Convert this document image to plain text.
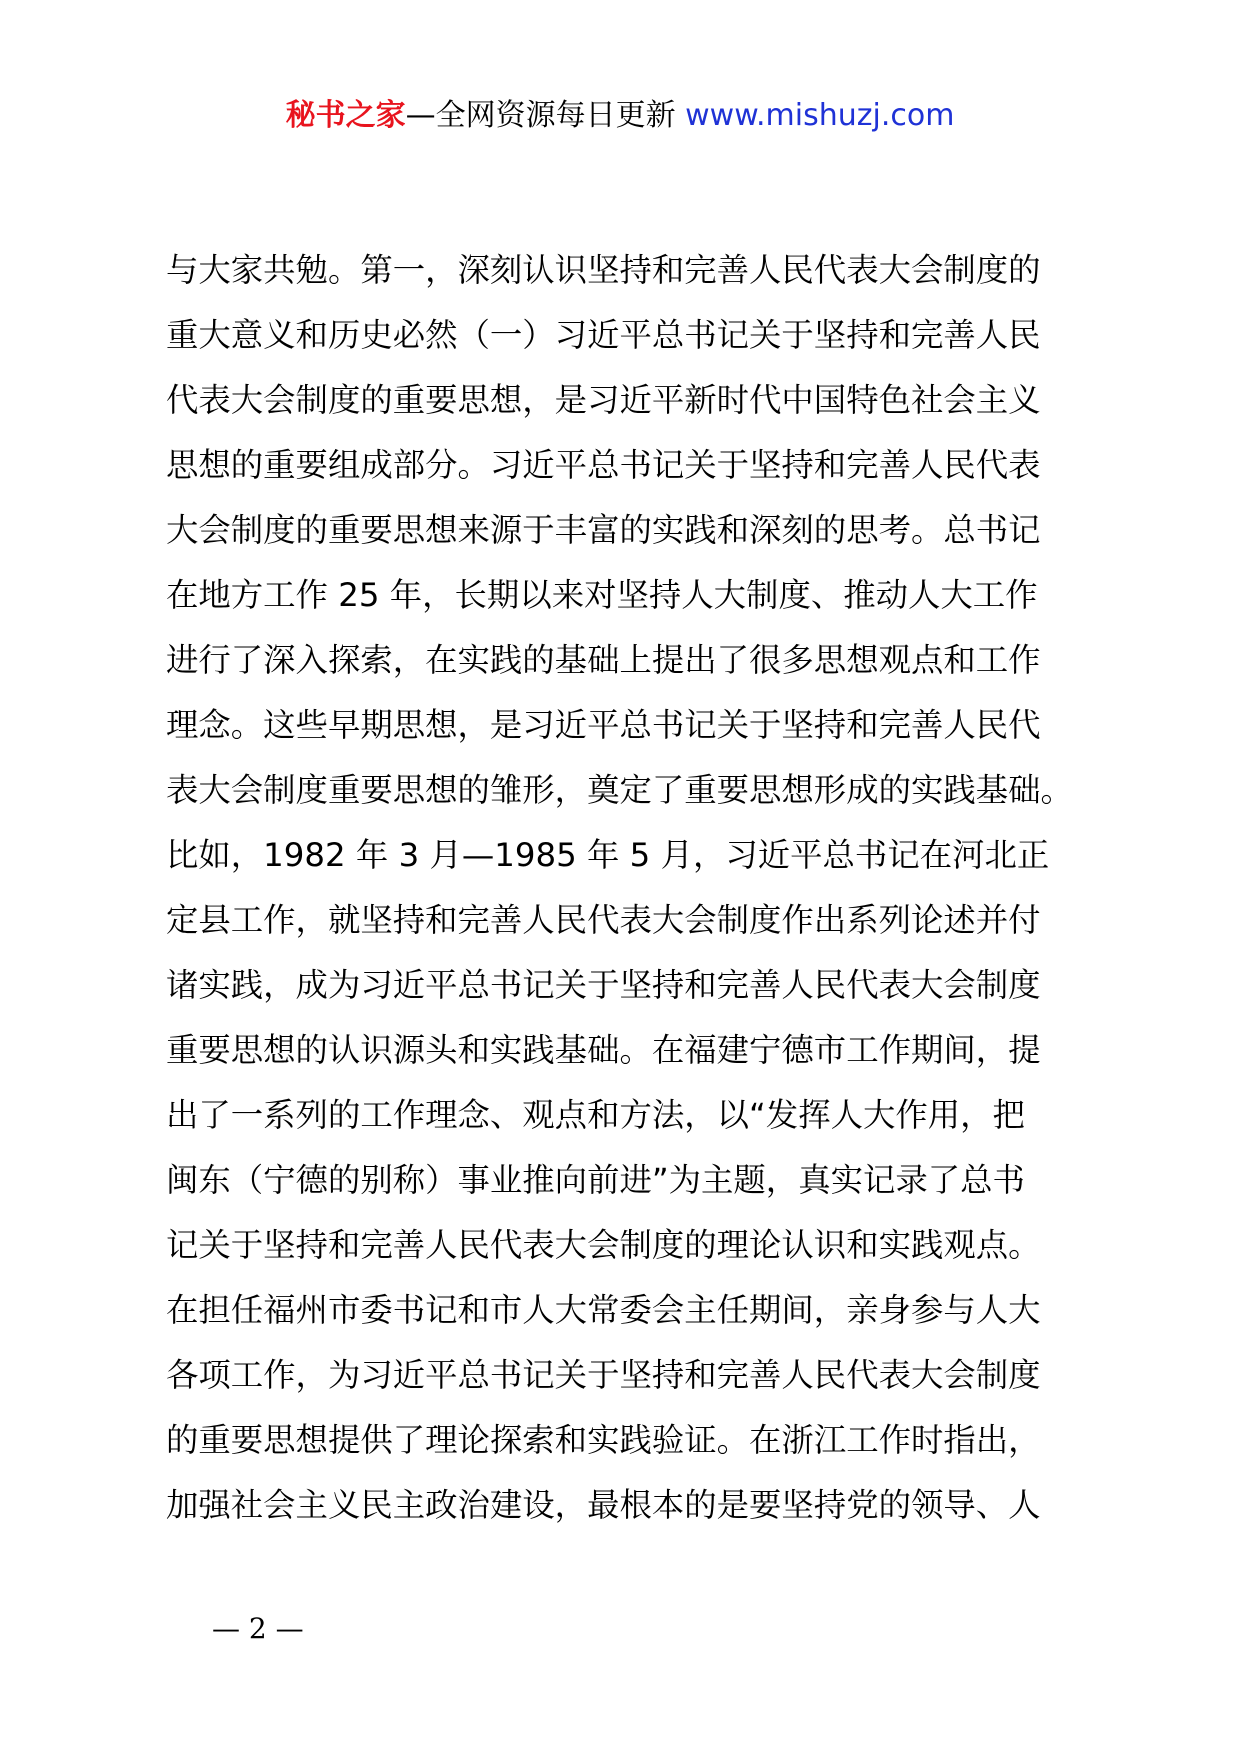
秘书之家—全网资源每日更新 www.mishuzj.com

与大家共勉。第一，深刻认识坚持和完善人民代表大会制度的
重大意义和历史必然（一）习近平总书记关于坚持和完善人民
代表大会制度的重要思想，是习近平新时代中国特色社会主义
思想的重要组成部分。习近平总书记关于坚持和完善人民代表
大会制度的重要思想来源于丰富的实践和深刻的思考。总书记
在地方工作 25 年，长期以来对坚持人大制度、推动人大工作
进行了深入探索，在实践的基础上提出了很多思想观点和工作
理念。这些早期思想，是习近平总书记关于坚持和完善人民代
表大会制度重要思想的雏形，奠定了重要思想形成的实践基础。
比如，1982 年 3 月—1985 年 5 月，习近平总书记在河北正
定县工作，就坚持和完善人民代表大会制度作出系列论述并付
诸实践，成为习近平总书记关于坚持和完善人民代表大会制度
重要思想的认识源头和实践基础。在福建宁德市工作期间，提
出了一系列的工作理念、观点和方法，以“发挥人大作用，把
闽东（宁德的别称）事业推向前进”为主题，真实记录了总书
记关于坚持和完善人民代表大会制度的理论认识和实践观点。
在担任福州市委书记和市人大常委会主任期间，亲身参与人大
各项工作，为习近平总书记关于坚持和完善人民代表大会制度
的重要思想提供了理论探索和实践验证。在浙江工作时指出，
加强社会主义民主政治建设，最根本的是要坚持党的领导、人

— 2 —
